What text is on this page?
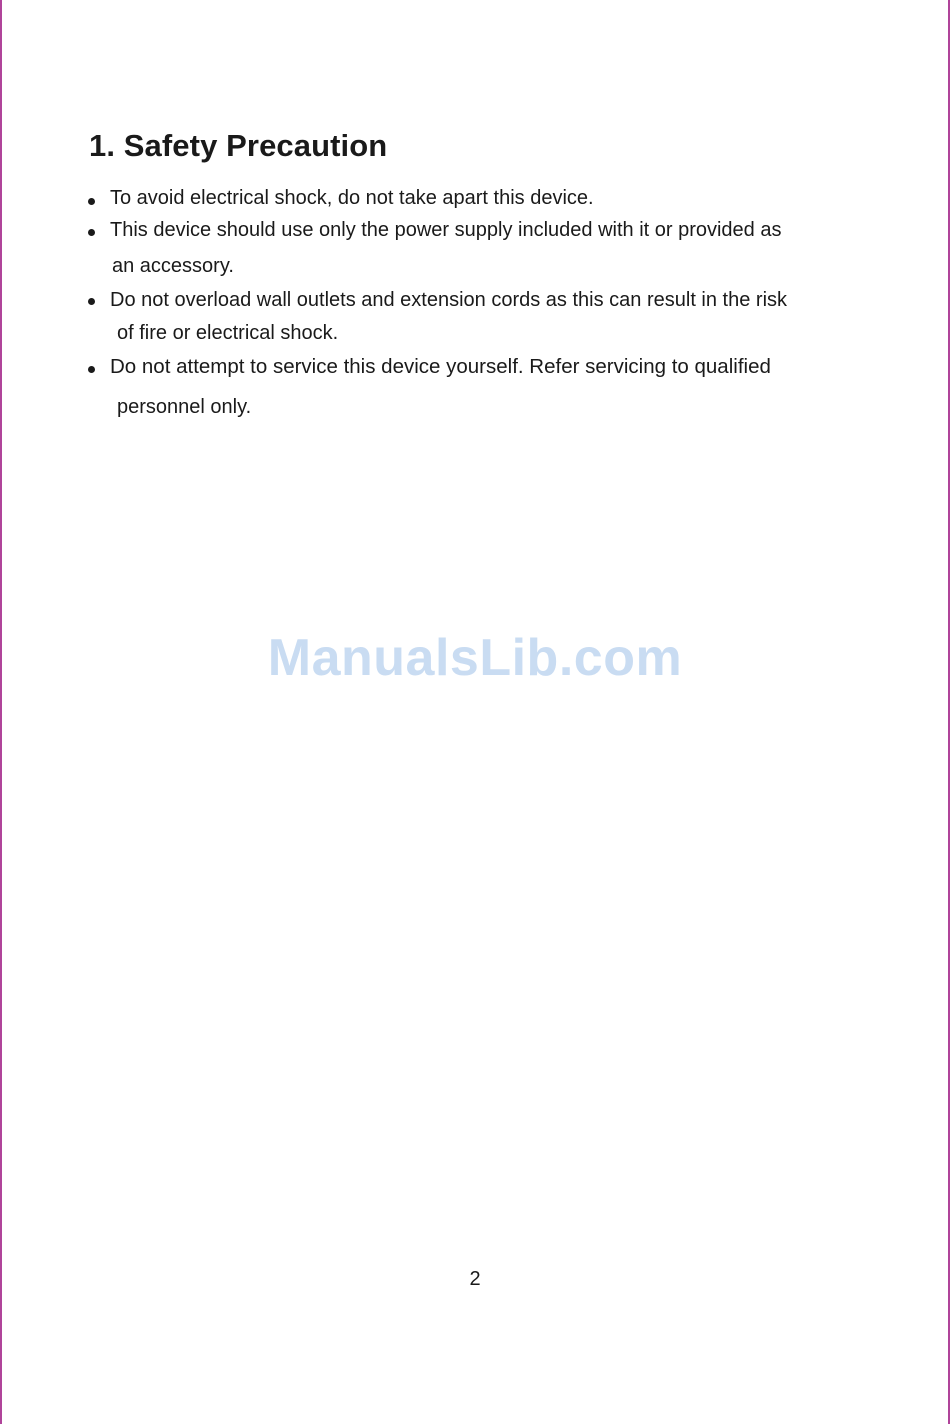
1. Safety Precaution
To avoid electrical shock, do not take apart this device.
This device should use only the power supply included with it or provided as
an accessory.
Do not overload wall outlets and extension cords as this can result in the risk
of fire or electrical shock.
Do not attempt to service this device yourself. Refer servicing to qualified
personnel only.
ManualsLib.com
2
